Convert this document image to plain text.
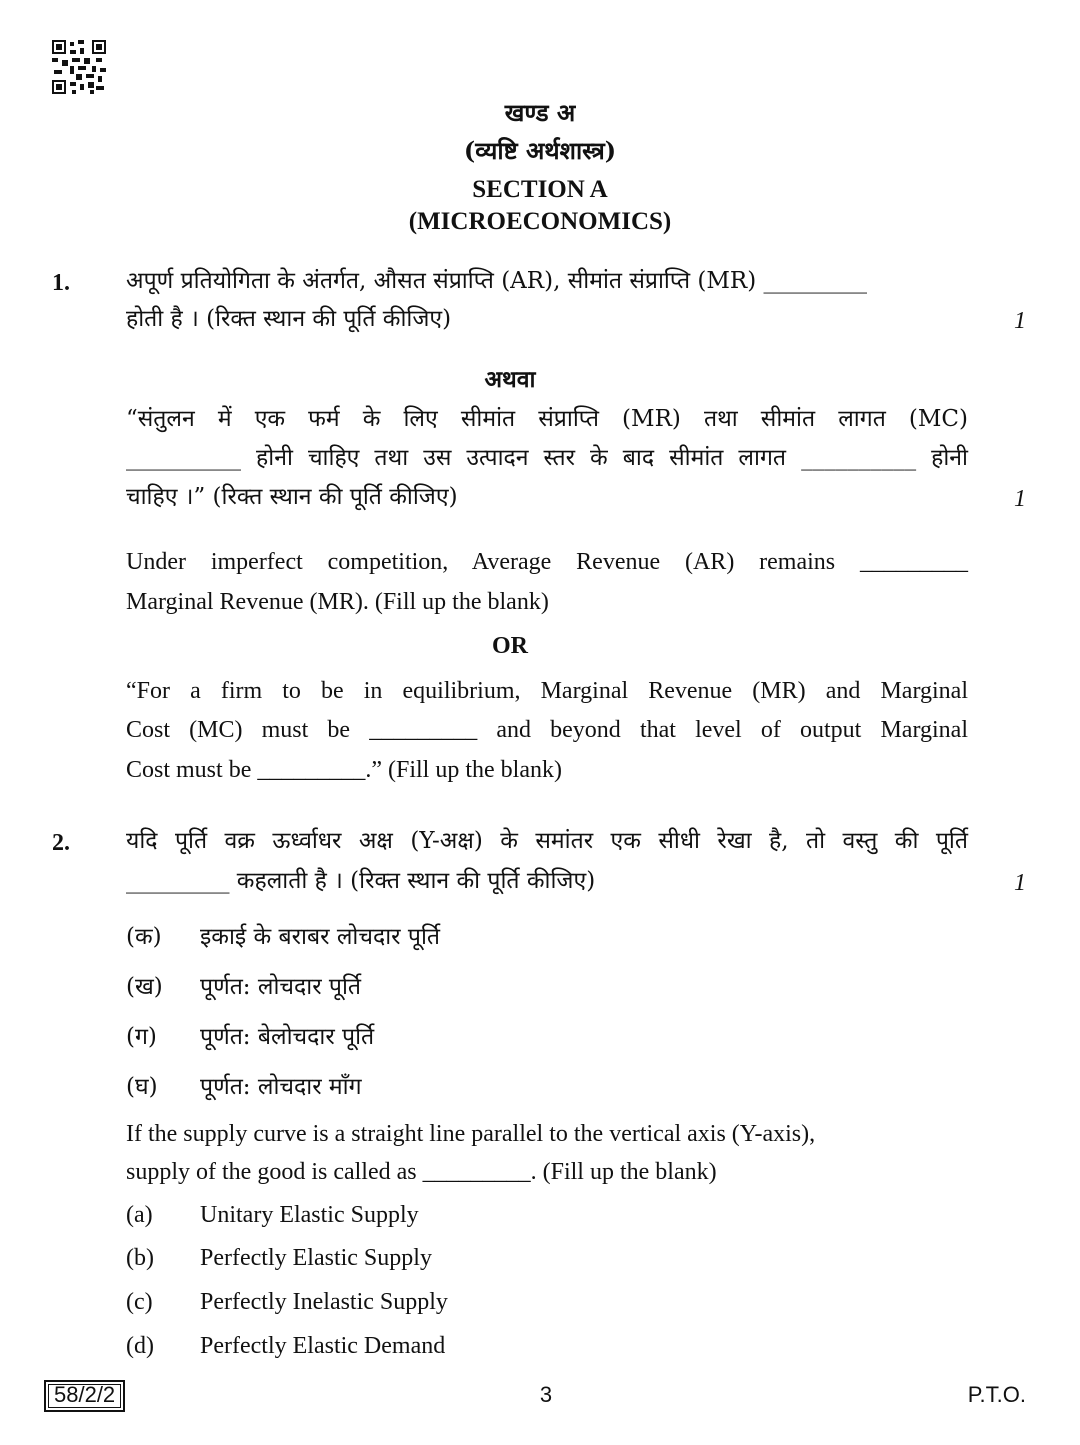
खण्ड अ
(व्यष्टि अर्थशास्त्र)
SECTION A
(MICROECONOMICS)
1. अपूर्ण प्रतियोगिता के अंतर्गत, औसत संप्राप्ति (AR), सीमांत संप्राप्ति (MR) _________
होती है । (रिक्त स्थान की पूर्ति कीजिए)	1
अथवा
“संतुलन में एक फर्म के लिए सीमांत संप्राप्ति (MR) तथा सीमांत लागत (MC)
__________ होनी चाहिए तथा उस उत्पादन स्तर के बाद सीमांत लागत __________ होनी
चाहिए ।” (रिक्त स्थान की पूर्ति कीजिए)	1
Under imperfect competition, Average Revenue (AR) remains _________
Marginal Revenue (MR). (Fill up the blank)
OR
“For a firm to be in equilibrium, Marginal Revenue (MR) and Marginal
Cost (MC) must be _________ and beyond that level of output Marginal
Cost must be _________.” (Fill up the blank)
2. यदि पूर्ति वक्र ऊर्ध्वाधर अक्ष (Y-अक्ष) के समांतर एक सीधी रेखा है, तो वस्तु की पूर्ति
_________ कहलाती है । (रिक्त स्थान की पूर्ति कीजिए)	1
(क) इकाई के बराबर लोचदार पूर्ति
(ख) पूर्णत: लोचदार पूर्ति
(ग) पूर्णत: बेलोचदार पूर्ति
(घ) पूर्णत: लोचदार माँग
If the supply curve is a straight line parallel to the vertical axis (Y-axis),
supply of the good is called as _________. (Fill up the blank)
(a) Unitary Elastic Supply
(b) Perfectly Elastic Supply
(c) Perfectly Inelastic Supply
(d) Perfectly Elastic Demand
58/2/2	3	P.T.O.
